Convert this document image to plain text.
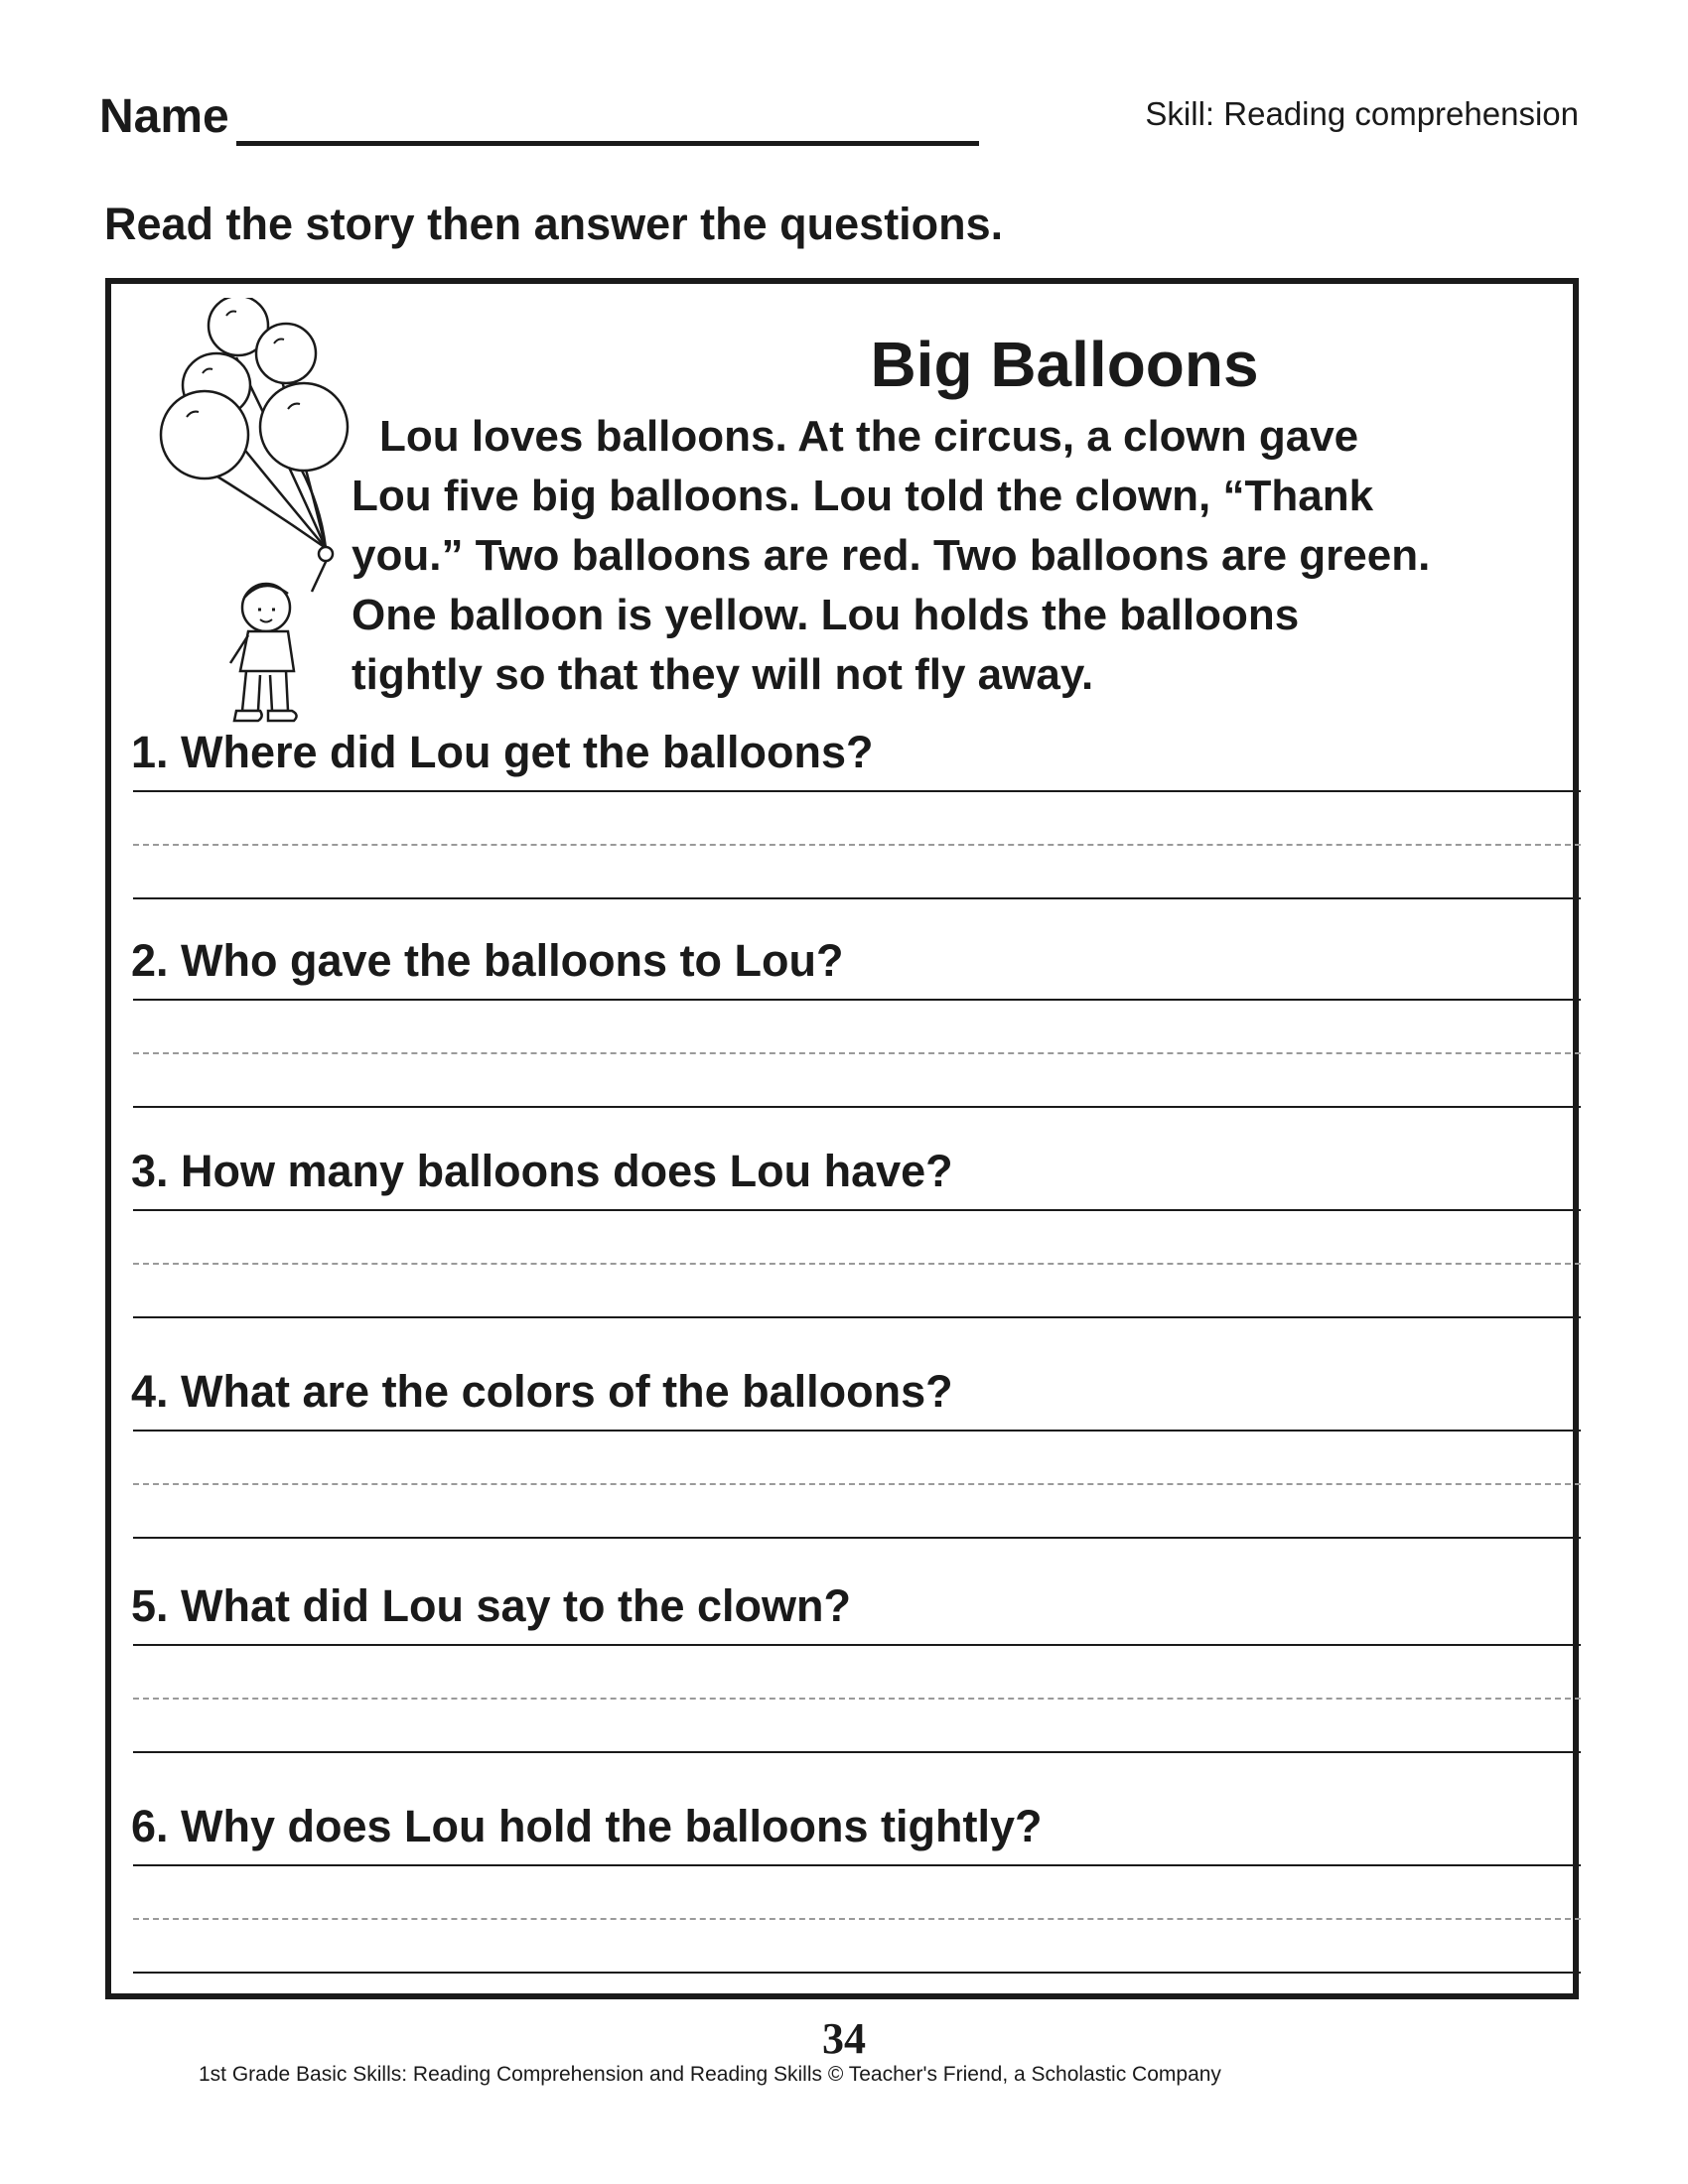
Name	Skill: Reading comprehension
Read the story then answer the questions.
Big Balloons
Lou loves balloons. At the circus, a clown gave
Lou five big balloons. Lou told the clown, “Thank
you.” Two balloons are red. Two balloons are green.
One balloon is yellow. Lou holds the balloons
tightly so that they will not fly away.
1. Where did Lou get the balloons?
2. Who gave the balloons to Lou?
3. How many balloons does Lou have?
4. What are the colors of the balloons?
5. What did Lou say to the clown?
6. Why does Lou hold the balloons tightly?
34
1st Grade Basic Skills: Reading Comprehension and Reading Skills © Teacher's Friend, a Scholastic Company
